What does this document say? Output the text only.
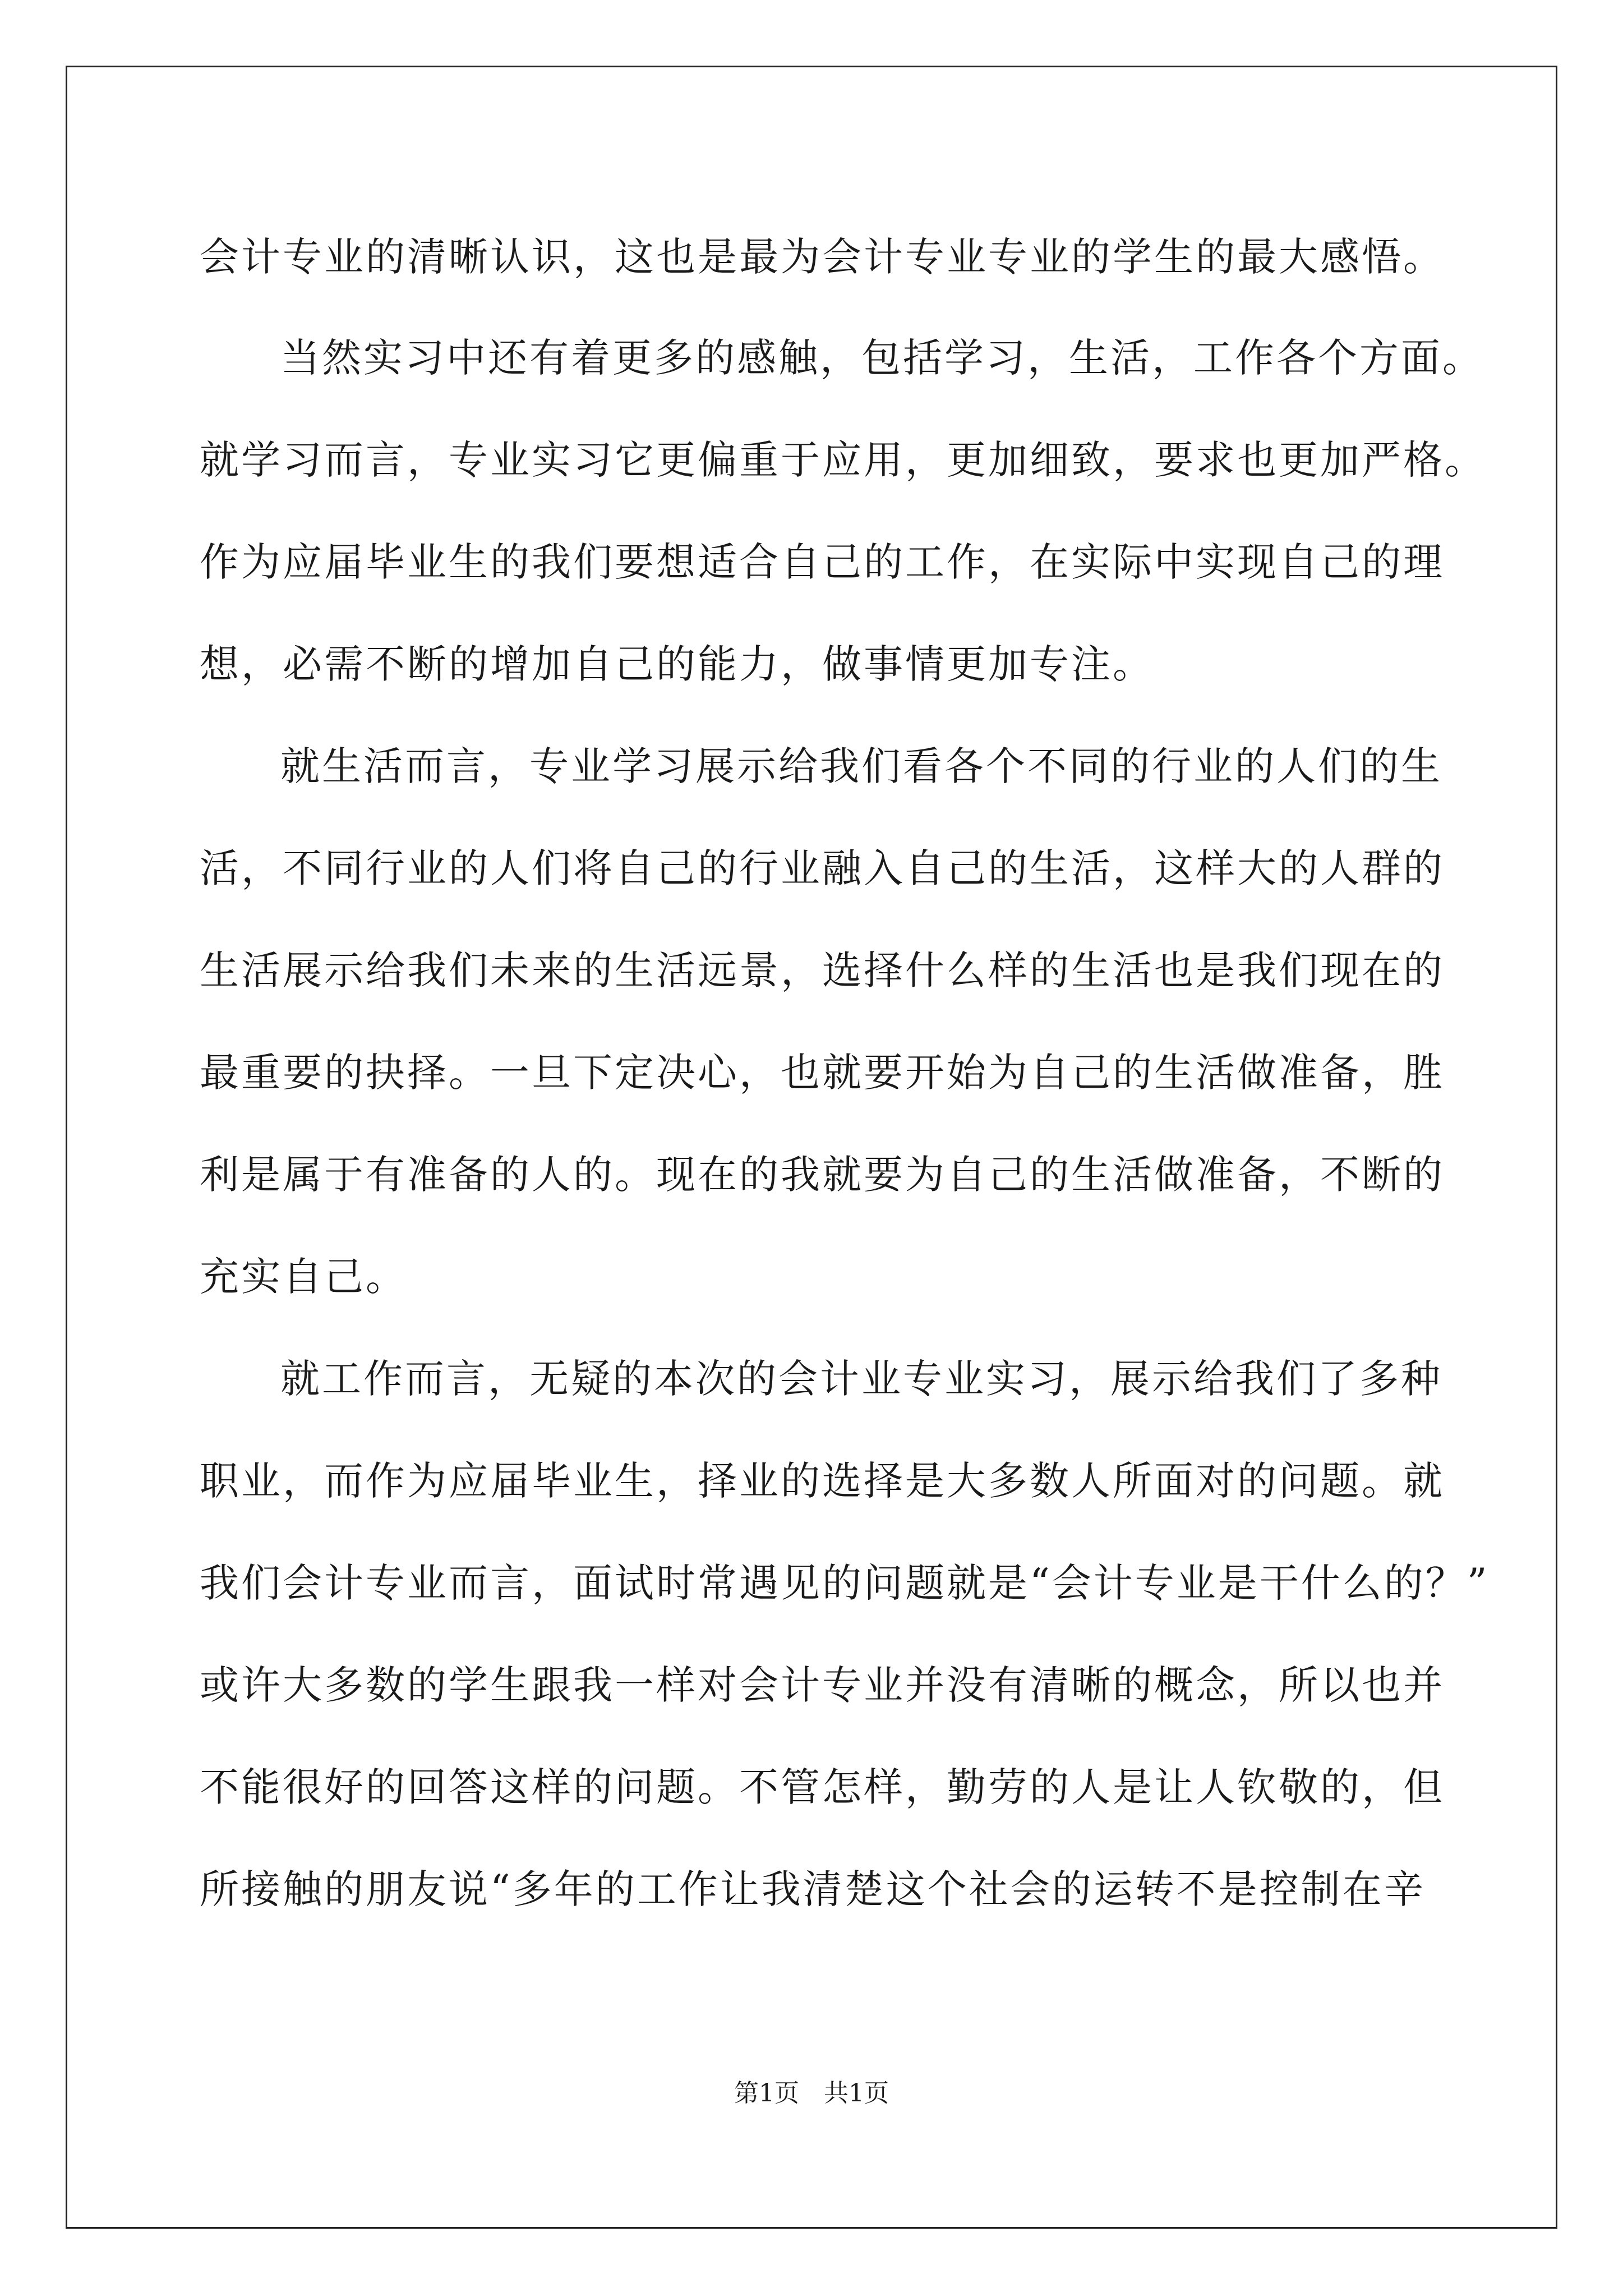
会计专业的清晰认识，这也是最为会计专业专业的学生的最大感悟。

当然实习中还有着更多的感触，包括学习，生活，工作各个方面。

就学习而言，专业实习它更偏重于应用，更加细致，要求也更加严格。

作为应届毕业生的我们要想适合自己的工作，在实际中实现自己的理

想，必需不断的增加自己的能力，做事情更加专注。

就生活而言，专业学习展示给我们看各个不同的行业的人们的生

活，不同行业的人们将自己的行业融入自己的生活，这样大的人群的

生活展示给我们未来的生活远景，选择什么样的生活也是我们现在的

最重要的抉择。一旦下定决心，也就要开始为自己的生活做准备，胜

利是属于有准备的人的。现在的我就要为自己的生活做准备，不断的

充实自己。

就工作而言，无疑的本次的会计业专业实习，展示给我们了多种

职业，而作为应届毕业生，择业的选择是大多数人所面对的问题。就

我们会计专业而言，面试时常遇见的问题就是“会计专业是干什么的？”

或许大多数的学生跟我一样对会计专业并没有清晰的概念，所以也并

不能很好的回答这样的问题。不管怎样，勤劳的人是让人钦敬的，但

所接触的朋友说“多年的工作让我清楚这个社会的运转不是控制在辛

第1页 共1页
